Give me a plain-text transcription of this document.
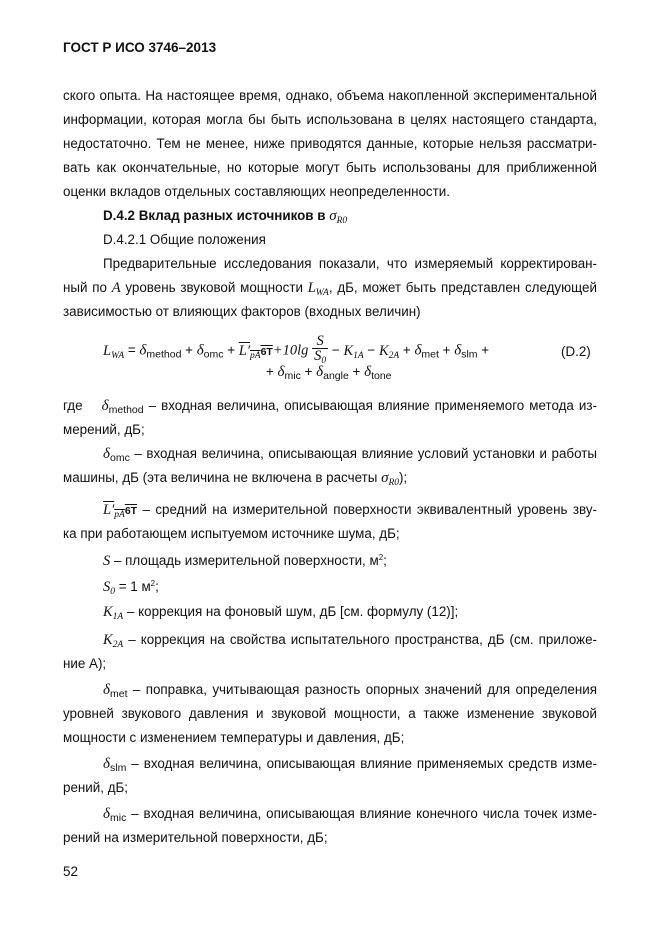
ГОСТ Р ИСО 3746–2013
ского опыта. На настоящее время, однако, объема накопленной экспериментальной
информации, которая могла бы быть использована в целях настоящего стандарта,
недостаточно. Тем не менее, ниже приводятся данные, которые нельзя рассматри-
вать как окончательные, но которые могут быть использованы для приближенной
оценки вкладов отдельных составляющих неопределенности.
D.4.2 Вклад разных источников в $\sigma_{R0}$
D.4.2.1 Общие положения
Предварительные исследования показали, что измеряемый корректирован-
ный по A уровень звуковой мощности $L_{WA}$, дБ, может быть представлен следующей
зависимостью от влияющих факторов (входных величин)
$L_{WA} = \delta_{method} + \delta_{omc} + L'_{pA}6T+10\lg \frac{S}{S_0} - K_{1A} - K_{2A} + \delta_{met} + \delta_{slm}$ +	(D.2)
+ $\delta_{mic} + \delta_{angle} + \delta_{tone}$
где $\delta_{method}$ – входная величина, описывающая влияние применяемого метода из-
мерений, дБ;
$\delta_{omc}$ – входная величина, описывающая влияние условий установки и работы
машины, дБ (эта величина не включена в расчеты $\sigma_{R0}$);
$L'_{pA}6T$ – средний на измерительной поверхности эквивалентный уровень зву-
ка при работающем испытуемом источнике шума, дБ;
S – площадь измерительной поверхности, $м^2$;
$S_0 = 1$ $м^2$;
$K_{1A}$ – коррекция на фоновый шум, дБ [см. формулу (12)];
$K_{2A}$ – коррекция на свойства испытательного пространства, дБ (см. приложе-
ние А);
$\delta_{met}$ – поправка, учитывающая разность опорных значений для определения
уровней звукового давления и звуковой мощности, а также изменение звуковой
мощности с изменением температуры и давления, дБ;
$\delta_{slm}$ – входная величина, описывающая влияние применяемых средств изме-
рений, дБ;
$\delta_{mic}$ – входная величина, описывающая влияние конечного числа точек изме-
рений на измерительной поверхности, дБ;
52
